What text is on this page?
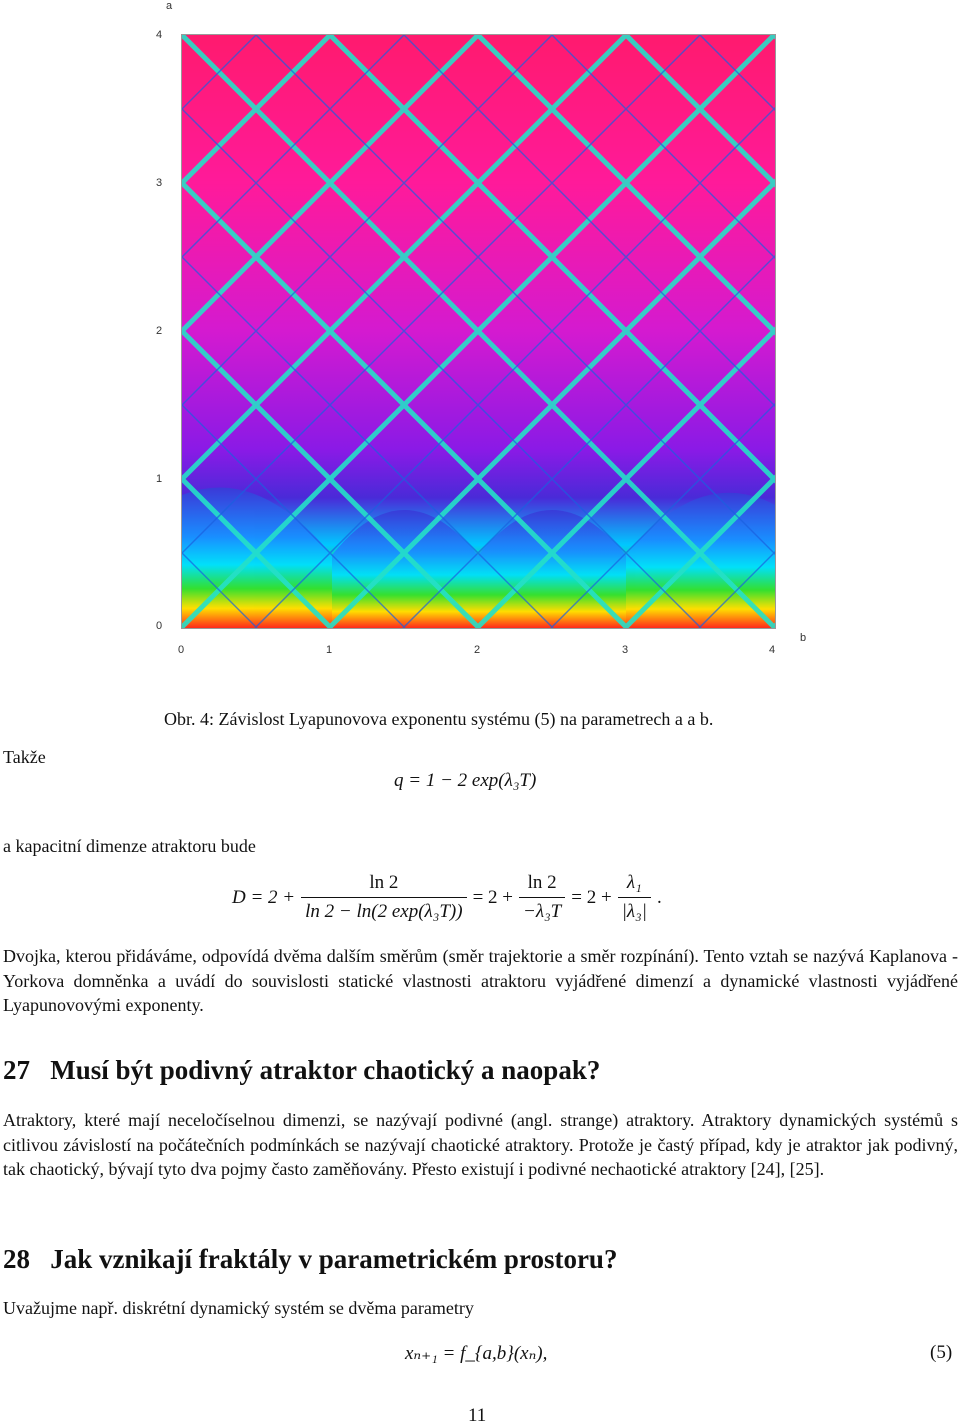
a
4
3
2
1
0
0	1	2	3	4
b
Obr. 4: Závislost Lyapunovova exponentu systému (5) na parametrech a a b.
Takže
q = 1 − 2 exp(λ₃T)
a kapacitní dimenze atraktoru bude
$D = 2 + \frac{\ln 2}{\text{ln 2 − ln(2 exp(λ₃T))}} = 2 + \frac{\ln 2}{\text{−λ₃T}} = 2 + \frac{\text{λ₁}}{\text{|λ₃|}}$ .
Dvojka, kterou přidáváme, odpovídá dvěma dalším směrům (směr trajektorie a směr rozpínání). Tento vztah se nazývá Kaplanova - Yorkova domněnka a uvádí do souvislosti statické vlastnosti atraktoru vyjádřené dimenzí a dynamické vlastnosti vyjádřené Lyapunovovými exponenty.
27   Musí být podivný atraktor chaotický a naopak?
Atraktory, které mají neceločíselnou dimenzi, se nazývají podivné (angl. strange) atraktory. Atraktory dynamických systémů s citlivou závislostí na počátečních podmínkách se nazývají chaotické atraktory. Protože je častý případ, kdy je atraktor jak podivný, tak chaotický, bývají tyto dva pojmy často zaměňovány. Přesto existují i podivné nechaotické atraktory [24], [25].
28   Jak vznikají fraktály v parametrickém prostoru?
Uvažujme např. diskrétní dynamický systém se dvěma parametry
xₙ₊₁ = f_{a,b}(xₙ),	(5)
11
